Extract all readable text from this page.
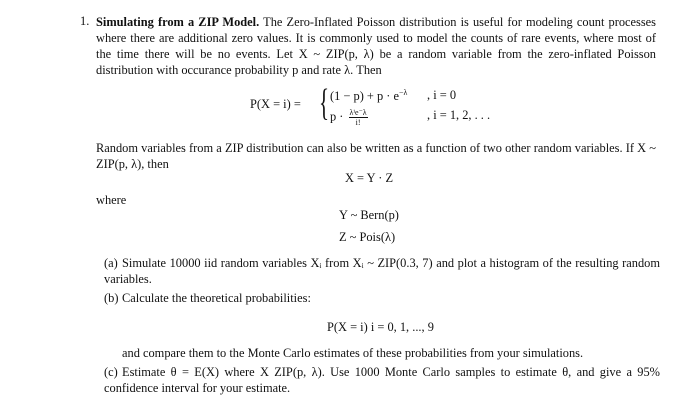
1. Simulating from a ZIP Model. The Zero-Inflated Poisson distribution is useful for modeling count processes where there are additional zero values. It is commonly used to model the counts of rare events, where most of the time there will be no events. Let X ~ ZIP(p, λ) be a random variable from the zero-inflated Poisson distribution with occurance probability p and rate λ. Then
P(X = i) = { $(1 - p) + p \cdot e^{-\lambda}$ , i = 0
$p \cdot \frac{\text{λⁱe⁻λ}}{i!}$	, i = 1, 2, . . .
Random variables from a ZIP distribution can also be written as a function of two other random variables. If X ~ ZIP(p, λ), then
X = Y · Z
where
Y ~ Bern(p)
Z ~ Pois(λ)
(a) Simulate 10000 iid random variables Xᵢ from Xᵢ ~ ZIP(0.3, 7) and plot a histogram of the resulting random variables.
(b) Calculate the theoretical probabilities:
P(X = i) i = 0, 1, ..., 9
and compare them to the Monte Carlo estimates of these probabilities from your simulations.
(c) Estimate θ = E(X) where X ZIP(p, λ). Use 1000 Monte Carlo samples to estimate θ, and give a 95% confidence interval for your estimate.
